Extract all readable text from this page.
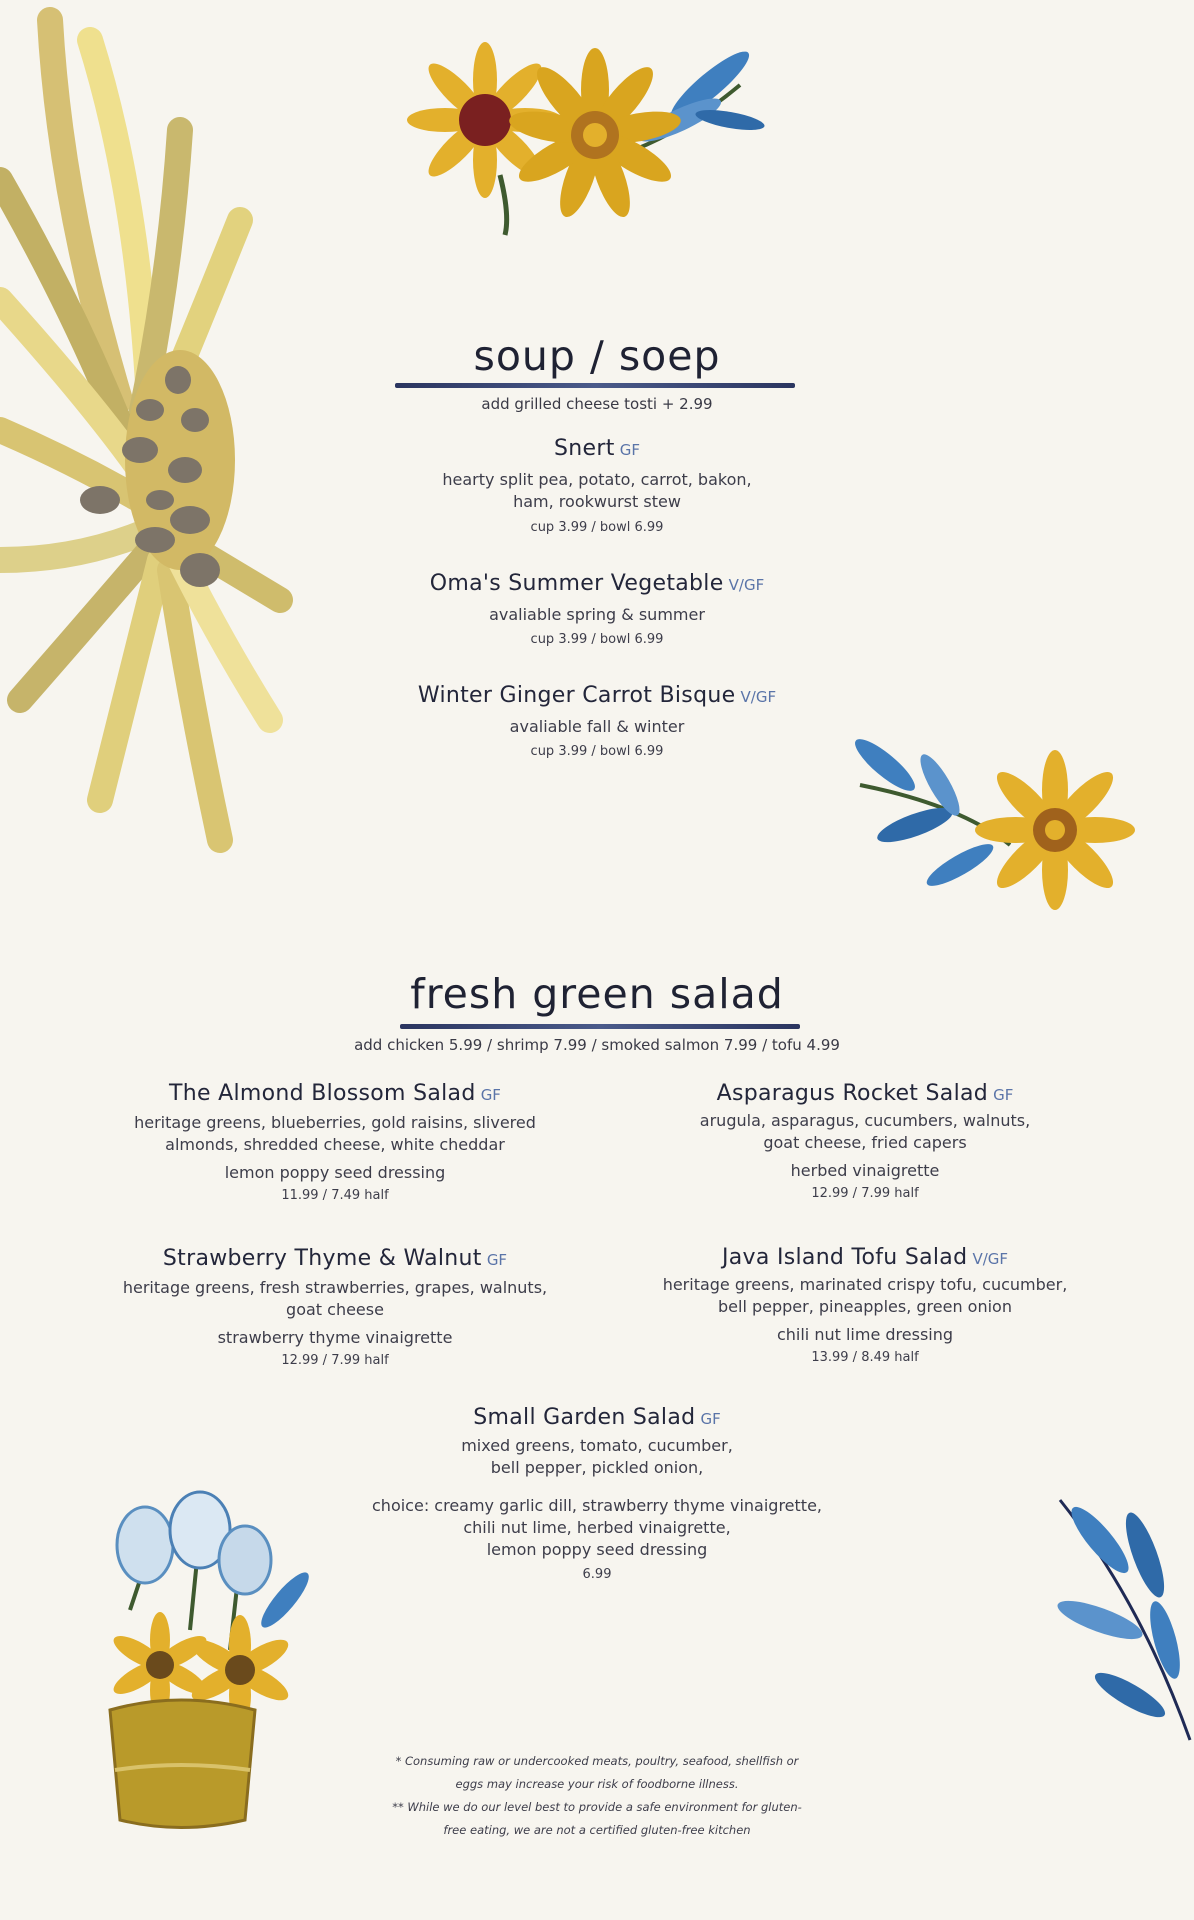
soup / soep
add grilled cheese tosti + 2.99
Snert GF
hearty split pea, potato, carrot, bakon,
ham, rookwurst stew
cup 3.99 / bowl 6.99
Oma's Summer Vegetable V/GF
avaliable spring & summer
cup 3.99 / bowl 6.99
Winter Ginger Carrot Bisque V/GF
avaliable fall & winter
cup 3.99 / bowl 6.99
fresh green salad
add chicken 5.99 / shrimp 7.99 / smoked salmon 7.99 / tofu 4.99
The Almond Blossom Salad GF
heritage greens, blueberries, gold raisins, slivered
almonds, shredded cheese, white cheddar
lemon poppy seed dressing
11.99 / 7.49 half
Strawberry Thyme & Walnut GF
heritage greens, fresh strawberries, grapes, walnuts,
goat cheese
strawberry thyme vinaigrette
12.99 / 7.99 half
Asparagus Rocket Salad GF
arugula, asparagus, cucumbers, walnuts,
goat cheese, fried capers
herbed vinaigrette
12.99 / 7.99 half
Java Island Tofu Salad V/GF
heritage greens, marinated crispy tofu, cucumber,
bell pepper, pineapples, green onion
chili nut lime dressing
13.99 / 8.49 half
Small Garden Salad GF
mixed greens, tomato, cucumber,
bell pepper, pickled onion,
choice: creamy garlic dill, strawberry thyme vinaigrette,
chili nut lime, herbed vinaigrette,
lemon poppy seed dressing
6.99
* Consuming raw or undercooked meats, poultry, seafood, shellfish or
eggs may increase your risk of foodborne illness.
** While we do our level best to provide a safe environment for gluten-
free eating, we are not a certified gluten-free kitchen
